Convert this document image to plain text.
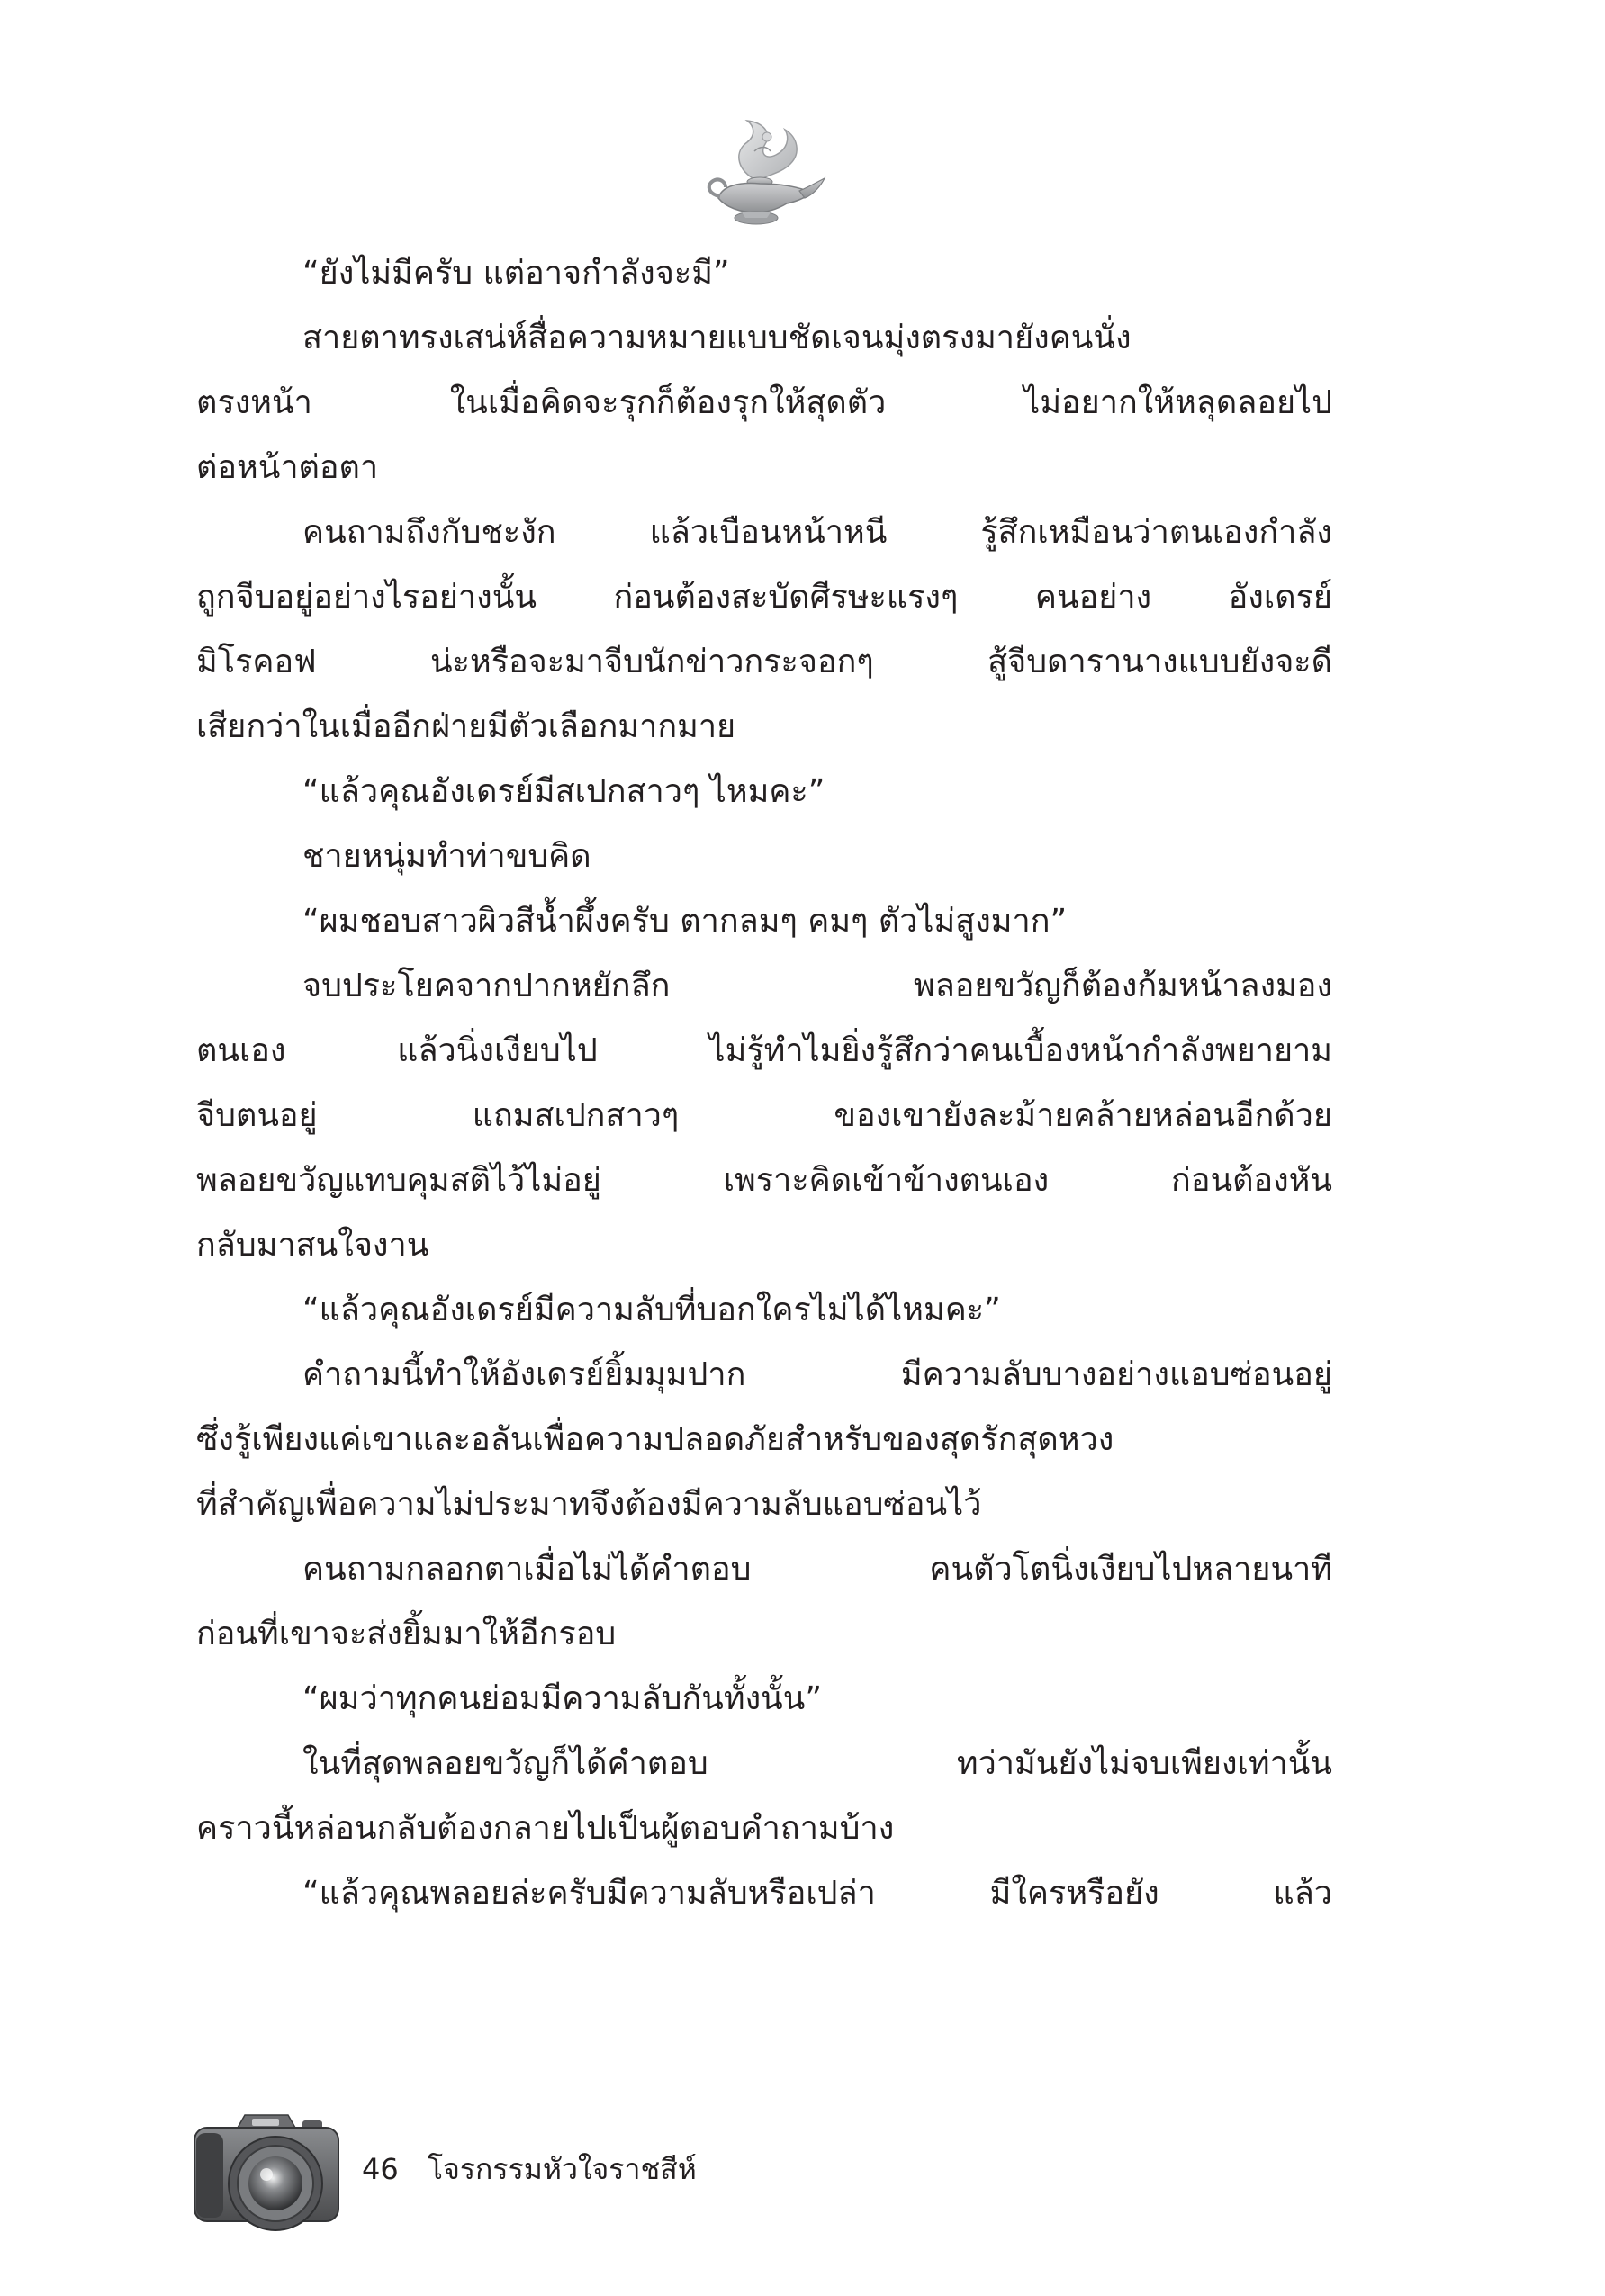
“ยังไม่มีครับ แต่อาจกำลังจะมี”
สายตาทรงเสน่ห์สื่อความหมายแบบชัดเจนมุ่งตรงมายังคนนั่ง
ตรงหน้า ในเมื่อคิดจะรุกก็ต้องรุกให้สุดตัว ไม่อยากให้หลุดลอยไป
ต่อหน้าต่อตา
คนถามถึงกับชะงัก แล้วเบือนหน้าหนี รู้สึกเหมือนว่าตนเองกำลัง
ถูกจีบอยู่อย่างไรอย่างนั้น ก่อนต้องสะบัดศีรษะแรงๆ คนอย่าง อังเดรย์
มิโรคอฟ น่ะหรือจะมาจีบนักข่าวกระจอกๆ สู้จีบดารานางแบบยังจะดี
เสียกว่าในเมื่ออีกฝ่ายมีตัวเลือกมากมาย
“แล้วคุณอังเดรย์มีสเปกสาวๆ ไหมคะ”
ชายหนุ่มทำท่าขบคิด
“ผมชอบสาวผิวสีน้ำผึ้งครับ ตากลมๆ คมๆ ตัวไม่สูงมาก”
จบประโยคจากปากหยักลึก พลอยขวัญก็ต้องก้มหน้าลงมอง
ตนเอง แล้วนิ่งเงียบไป ไม่รู้ทำไมยิ่งรู้สึกว่าคนเบื้องหน้ากำลังพยายาม
จีบตนอยู่ แถมสเปกสาวๆ ของเขายังละม้ายคล้ายหล่อนอีกด้วย
พลอยขวัญแทบคุมสติไว้ไม่อยู่ เพราะคิดเข้าข้างตนเอง ก่อนต้องหัน
กลับมาสนใจงาน
“แล้วคุณอังเดรย์มีความลับที่บอกใครไม่ได้ไหมคะ”
คำถามนี้ทำให้อังเดรย์ยิ้มมุมปาก มีความลับบางอย่างแอบซ่อนอยู่
ซึ่งรู้เพียงแค่เขาและอลันเพื่อความปลอดภัยสำหรับของสุดรักสุดหวง
ที่สำคัญเพื่อความไม่ประมาทจึงต้องมีความลับแอบซ่อนไว้
คนถามกลอกตาเมื่อไม่ได้คำตอบ คนตัวโตนิ่งเงียบไปหลายนาที
ก่อนที่เขาจะส่งยิ้มมาให้อีกรอบ
“ผมว่าทุกคนย่อมมีความลับกันทั้งนั้น”
ในที่สุดพลอยขวัญก็ได้คำตอบ ทว่ามันยังไม่จบเพียงเท่านั้น
คราวนี้หล่อนกลับต้องกลายไปเป็นผู้ตอบคำถามบ้าง
“แล้วคุณพลอยล่ะครับมีความลับหรือเปล่า มีใครหรือยัง แล้ว
46 โจรกรรมหัวใจราชสีห์
